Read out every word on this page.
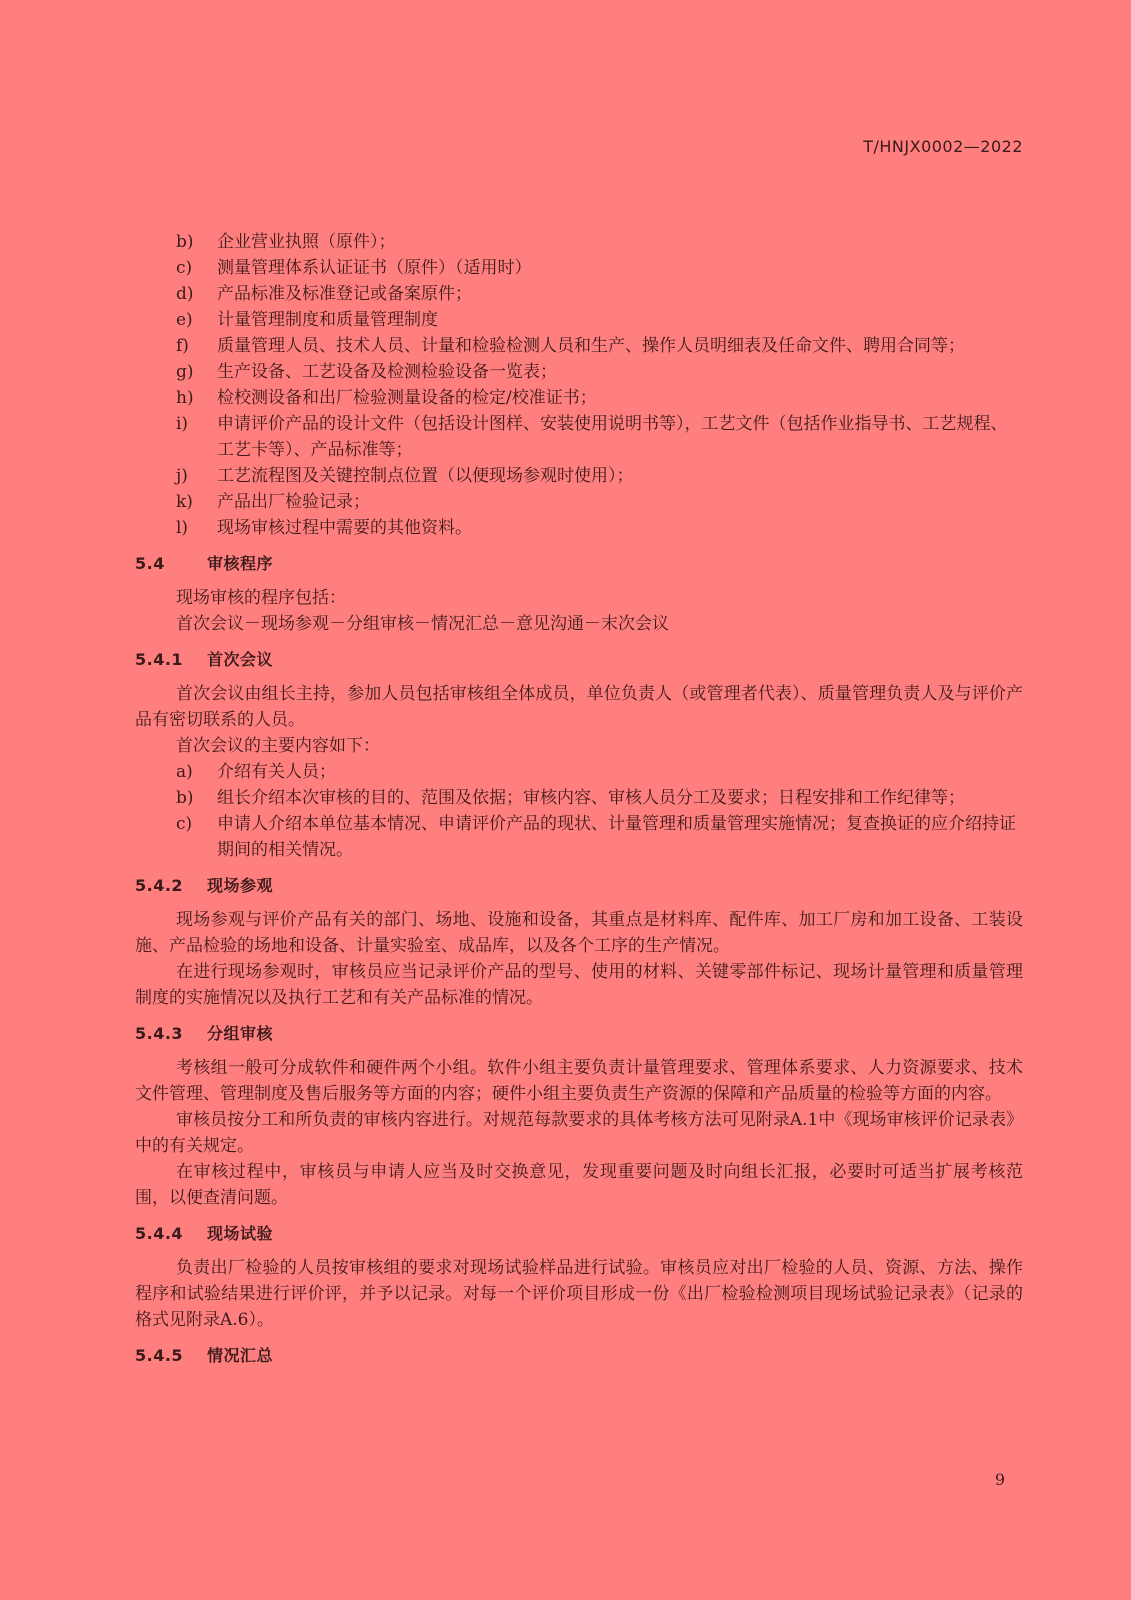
T/HNJX0002—2022
b) 企业营业执照（原件）；
c) 测量管理体系认证证书（原件）（适用时）
d) 产品标准及标准登记或备案原件；
e) 计量管理制度和质量管理制度
f) 质量管理人员、技术人员、计量和检验检测人员和生产、操作人员明细表及任命文件、聘用合同等；
g) 生产设备、工艺设备及检测检验设备一览表；
h) 检校测设备和出厂检验测量设备的检定/校准证书；
i) 申请评价产品的设计文件（包括设计图样、安装使用说明书等），工艺文件（包括作业指导书、工艺规程、工艺卡等）、产品标准等；
j) 工艺流程图及关键控制点位置（以便现场参观时使用）；
k) 产品出厂检验记录；
l) 现场审核过程中需要的其他资料。
5.4	审核程序
现场审核的程序包括：
首次会议－现场参观－分组审核－情况汇总－意见沟通－末次会议
5.4.1 首次会议
首次会议由组长主持，参加人员包括审核组全体成员，单位负责人（或管理者代表）、质量管理负责人及与评价产品有密切联系的人员。
首次会议的主要内容如下：
a) 介绍有关人员；
b) 组长介绍本次审核的目的、范围及依据；审核内容、审核人员分工及要求；日程安排和工作纪律等；
c) 申请人介绍本单位基本情况、申请评价产品的现状、计量管理和质量管理实施情况；复查换证的应介绍持证期间的相关情况。
5.4.2 现场参观
现场参观与评价产品有关的部门、场地、设施和设备，其重点是材料库、配件库、加工厂房和加工设备、工装设施、产品检验的场地和设备、计量实验室、成品库，以及各个工序的生产情况。
在进行现场参观时，审核员应当记录评价产品的型号、使用的材料、关键零部件标记、现场计量管理和质量管理制度的实施情况以及执行工艺和有关产品标准的情况。
5.4.3 分组审核
考核组一般可分成软件和硬件两个小组。软件小组主要负责计量管理要求、管理体系要求、人力资源要求、技术文件管理、管理制度及售后服务等方面的内容；硬件小组主要负责生产资源的保障和产品质量的检验等方面的内容。
审核员按分工和所负责的审核内容进行。对规范每款要求的具体考核方法可见附录A.1中《现场审核评价记录表》中的有关规定。
在审核过程中，审核员与申请人应当及时交换意见，发现重要问题及时向组长汇报，必要时可适当扩展考核范围，以便查清问题。
5.4.4 现场试验
负责出厂检验的人员按审核组的要求对现场试验样品进行试验。审核员应对出厂检验的人员、资源、方法、操作程序和试验结果进行评价评，并予以记录。对每一个评价项目形成一份《出厂检验检测项目现场试验记录表》（记录的格式见附录A.6）。
5.4.5 情况汇总
9
